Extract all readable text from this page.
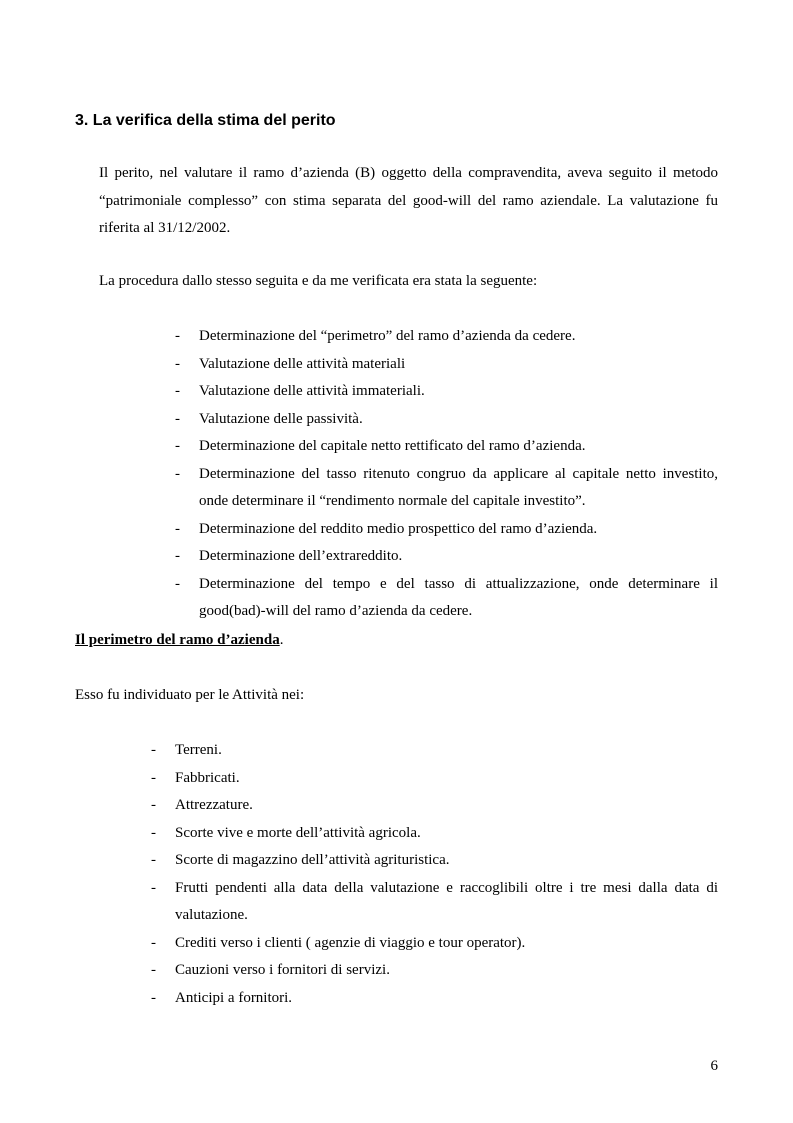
3. La verifica della stima del perito

Il perito, nel valutare il ramo d’azienda (B) oggetto della compravendita, aveva seguito il metodo “patrimoniale complesso” con stima separata del good-will del ramo aziendale. La valutazione fu riferita al 31/12/2002.

La procedura dallo stesso seguita e da me verificata era stata la seguente:

- Determinazione del “perimetro” del ramo d’azienda da cedere.
- Valutazione delle attività materiali
- Valutazione delle attività immateriali.
- Valutazione delle passività.
- Determinazione del capitale netto rettificato del ramo d’azienda.
- Determinazione del tasso ritenuto congruo da applicare al capitale netto investito, onde determinare il “rendimento normale del capitale investito”.
- Determinazione del reddito medio prospettico del ramo d’azienda.
- Determinazione dell’extrareddito.
- Determinazione del tempo e del tasso di attualizzazione, onde determinare il good(bad)-will del ramo d’azienda da cedere.
Il perimetro del ramo d’azienda.

Esso fu individuato per le Attività nei:

- Terreni.
- Fabbricati.
- Attrezzature.
- Scorte vive e morte dell’attività agricola.
- Scorte di magazzino dell’attività agrituristica.
- Frutti pendenti alla data della valutazione e raccoglibili oltre i tre mesi dalla data di valutazione.
- Crediti verso i clienti ( agenzie di viaggio e tour operator).
- Cauzioni verso i fornitori di servizi.
- Anticipi a fornitori.
6
